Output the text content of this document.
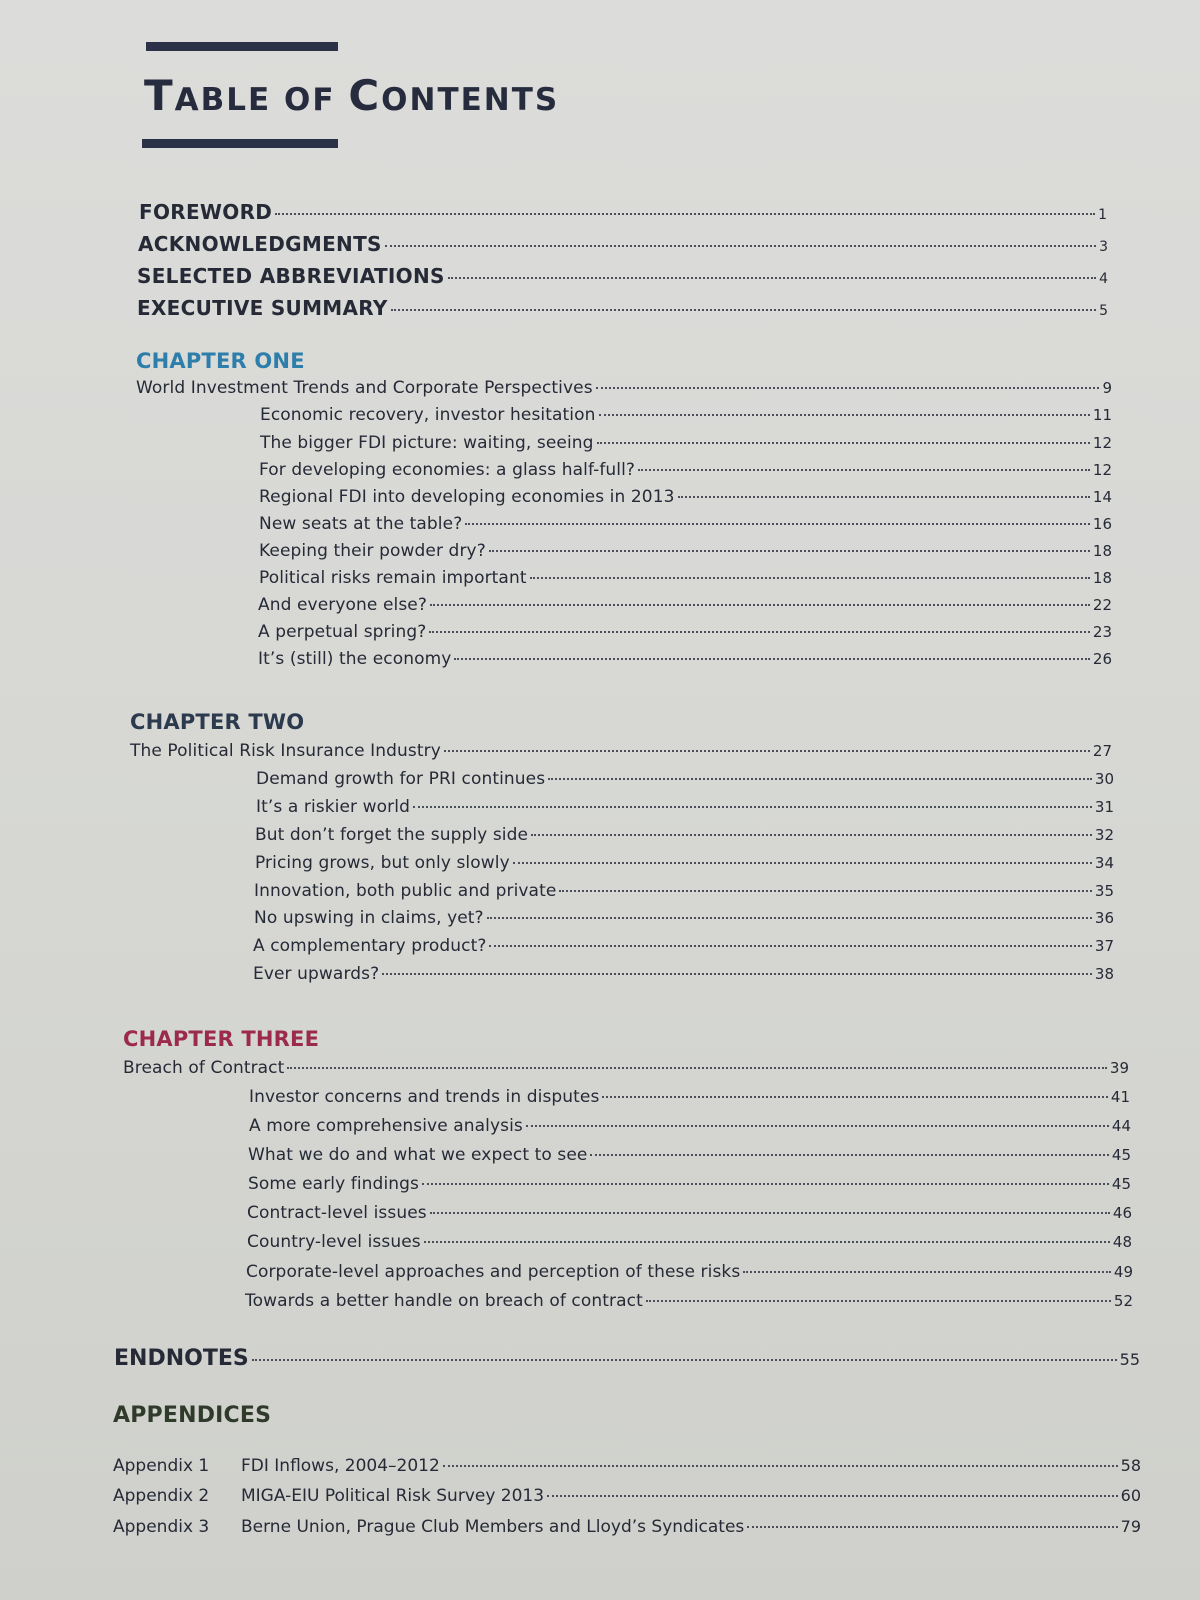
TABLE OF CONTENTS
FOREWORD	1
ACKNOWLEDGMENTS	3
SELECTED ABBREVIATIONS	4
EXECUTIVE SUMMARY	5
CHAPTER ONE
World Investment Trends and Corporate Perspectives	9
Economic recovery, investor hesitation	11
The bigger FDI picture: waiting, seeing	12
For developing economies: a glass half-full?	12
Regional FDI into developing economies in 2013	14
New seats at the table?	16
Keeping their powder dry?	18
Political risks remain important	18
And everyone else?	22
A perpetual spring?	23
It’s (still) the economy	26
CHAPTER TWO
The Political Risk Insurance Industry	27
Demand growth for PRI continues	30
It’s a riskier world	31
But don’t forget the supply side	32
Pricing grows, but only slowly	34
Innovation, both public and private	35
No upswing in claims, yet?	36
A complementary product?	37
Ever upwards?	38
CHAPTER THREE
Breach of Contract	39
Investor concerns and trends in disputes	41
A more comprehensive analysis	44
What we do and what we expect to see	45
Some early findings	45
Contract-level issues	46
Country-level issues	48
Corporate-level approaches and perception of these risks	49
Towards a better handle on breach of contract	52
ENDNOTES	55
APPENDICES
Appendix 1	FDI Inflows, 2004–2012	58
Appendix 2	MIGA-EIU Political Risk Survey 2013	60
Appendix 3	Berne Union, Prague Club Members and Lloyd’s Syndicates	79
